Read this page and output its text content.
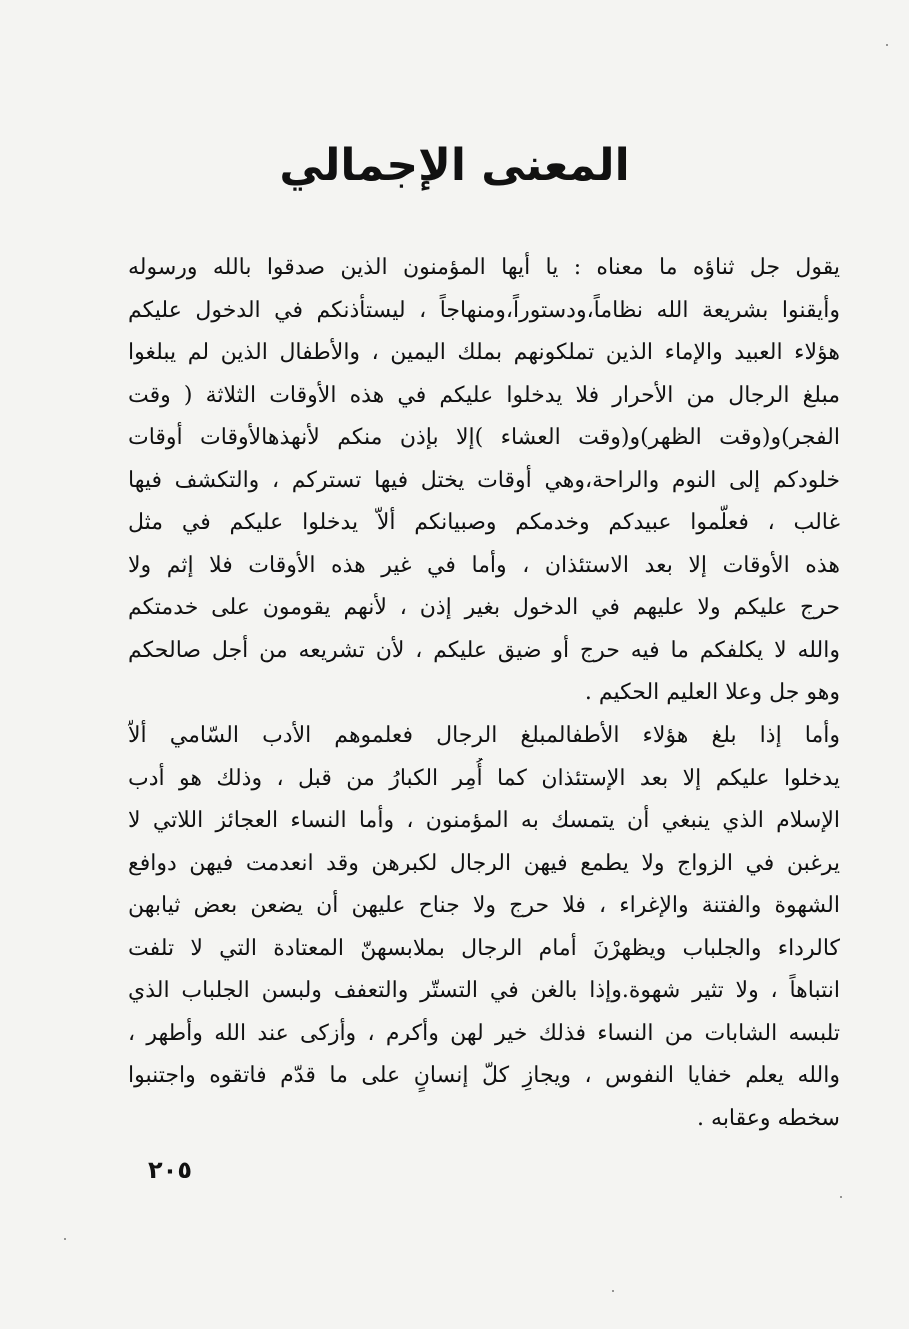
المعنى الإجمالي
يقول جل ثناؤه ما معناه : يا أيها المؤمنون الذين صدقوا بالله ورسوله
وأيقنوا بشريعة الله نظاماً،ودستوراً،ومنهاجاً ، ليستأذنكم في الدخول عليكم
هؤلاء العبيد والإماء الذين تملكونهم بملك اليمين ، والأطفال الذين لم يبلغوا
مبلغ الرجال من الأحرار فلا يدخلوا عليكم في هذه الأوقات الثلاثة ( وقت
الفجر)و(وقت الظهر)و(وقت العشاء )إلا بإذن منكم لأنهذهالأوقات أوقات
خلودكم إلى النوم والراحة،وهي أوقات يختل فيها تستركم ، والتكشف فيها
غالب ، فعلّموا عبيدكم وخدمكم وصبيانكم ألاّ يدخلوا عليكم في مثل
هذه الأوقات إلا بعد الاستئذان ، وأما في غير هذه الأوقات فلا إثم ولا
حرج عليكم ولا عليهم في الدخول بغير إذن ، لأنهم يقومون على خدمتكم
والله لا يكلفكم ما فيه حرج أو ضيق عليكم ، لأن تشريعه من أجل صالحكم
وهو جل وعلا العليم الحكيم .
وأما إذا بلغ هؤلاء الأطفالمبلغ الرجال فعلموهم الأدب السّامي ألاّ
يدخلوا عليكم إلا بعد الإستئذان كما أُمِر الكبارُ من قبل ، وذلك هو أدب
الإسلام الذي ينبغي أن يتمسك به المؤمنون ، وأما النساء العجائز اللاتي لا
يرغبن في الزواج ولا يطمع فيهن الرجال لكبرهن وقد انعدمت فيهن دوافع
الشهوة والفتنة والإغراء ، فلا حرج ولا جناح عليهن أن يضعن بعض ثيابهن
كالرداء والجلباب ويظهرْنَ أمام الرجال بملابسهنّ المعتادة التي لا تلفت
انتباهاً ، ولا تثير شهوة.وإذا بالغن في التستّر والتعفف ولبسن الجلباب الذي
تلبسه الشابات من النساء فذلك خير لهن وأكرم ، وأزكى عند الله وأطهر ،
والله يعلم خفايا النفوس ، ويجازِ كلّ إنسانٍ على ما قدّم فاتقوه واجتنبوا
سخطه وعقابه .
٢٠٥
